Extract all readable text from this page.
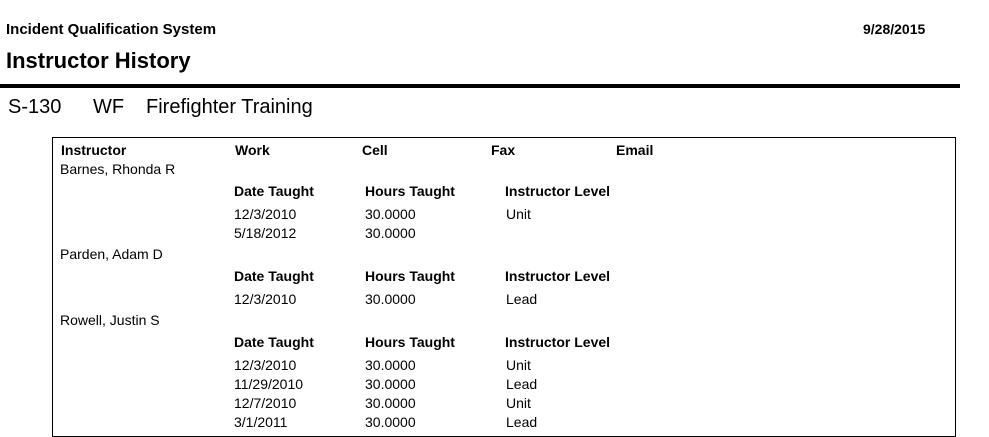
Incident Qualification System	9/28/2015
Instructor History
S-130 WF Firefighter Training
Instructor	Work	Cell	Fax	Email
Barnes, Rhonda R
Date Taught	Hours Taught	Instructor Level
12/3/2010	30.0000	Unit
5/18/2012	30.0000
Parden, Adam D
Date Taught	Hours Taught	Instructor Level
12/3/2010	30.0000	Lead
Rowell, Justin S
Date Taught	Hours Taught	Instructor Level
12/3/2010	30.0000	Unit
11/29/2010	30.0000	Lead
12/7/2010	30.0000	Unit
3/1/2011	30.0000	Lead
